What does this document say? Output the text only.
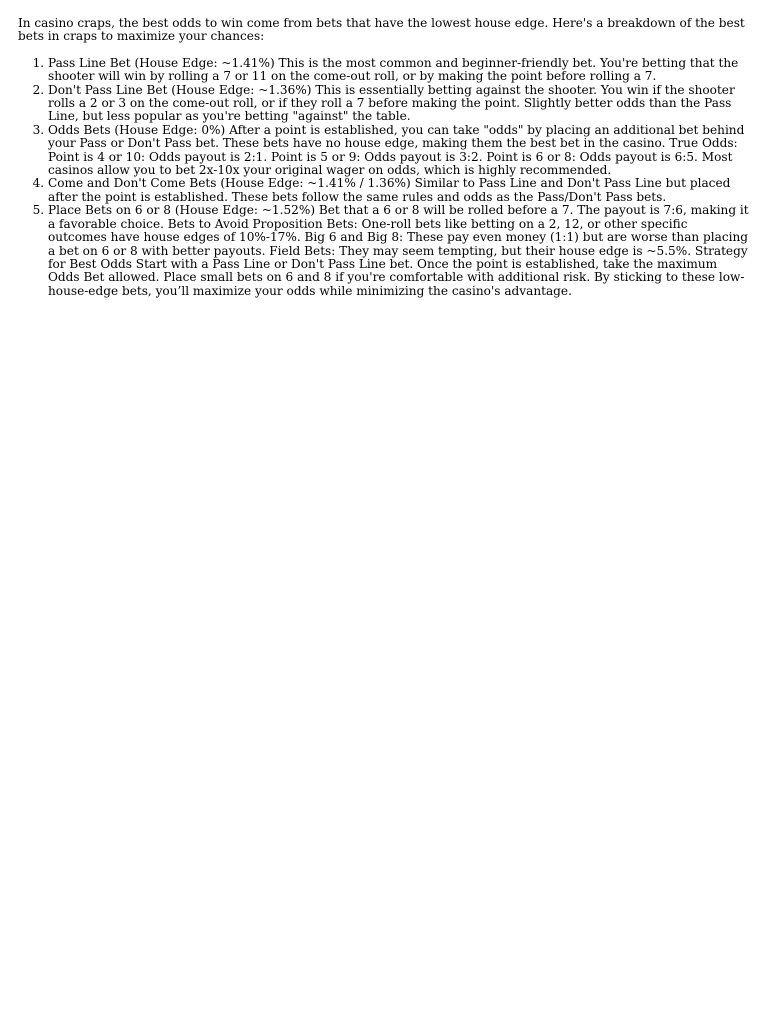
In casino craps, the best odds to win come from bets that have the lowest house edge. Here's a breakdown of the best bets in craps to maximize your chances:

1. Pass Line Bet (House Edge: ~1.41%) This is the most common and beginner-friendly bet. You're betting that the shooter will win by rolling a 7 or 11 on the come-out roll, or by making the point before rolling a 7.
2. Don't Pass Line Bet (House Edge: ~1.36%) This is essentially betting against the shooter. You win if the shooter rolls a 2 or 3 on the come-out roll, or if they roll a 7 before making the point. Slightly better odds than the Pass Line, but less popular as you're betting "against" the table.
3. Odds Bets (House Edge: 0%) After a point is established, you can take "odds" by placing an additional bet behind your Pass or Don't Pass bet. These bets have no house edge, making them the best bet in the casino. True Odds: Point is 4 or 10: Odds payout is 2:1. Point is 5 or 9: Odds payout is 3:2. Point is 6 or 8: Odds payout is 6:5. Most casinos allow you to bet 2x-10x your original wager on odds, which is highly recommended.
4. Come and Don't Come Bets (House Edge: ~1.41% / 1.36%) Similar to Pass Line and Don't Pass Line but placed after the point is established. These bets follow the same rules and odds as the Pass/Don't Pass bets.
5. Place Bets on 6 or 8 (House Edge: ~1.52%) Bet that a 6 or 8 will be rolled before a 7. The payout is 7:6, making it a favorable choice. Bets to Avoid Proposition Bets: One-roll bets like betting on a 2, 12, or other specific outcomes have house edges of 10%-17%. Big 6 and Big 8: These pay even money (1:1) but are worse than placing a bet on 6 or 8 with better payouts. Field Bets: They may seem tempting, but their house edge is ~5.5%. Strategy for Best Odds Start with a Pass Line or Don't Pass Line bet. Once the point is established, take the maximum Odds Bet allowed. Place small bets on 6 and 8 if you're comfortable with additional risk. By sticking to these low-house-edge bets, you’ll maximize your odds while minimizing the casino's advantage.
